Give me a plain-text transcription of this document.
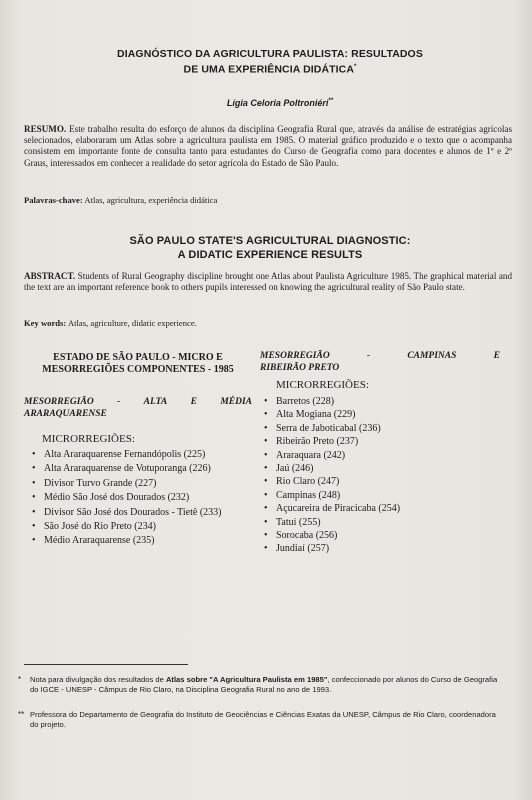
DIAGNÓSTICO DA AGRICULTURA PAULISTA: RESULTADOS
DE UMA EXPERIÊNCIA DIDÁTICA*
Lígia Celoria Poltroniéri**
RESUMO. Este trabalho resulta do esforço de alunos da disciplina Geografia Rural que, através da análise de estratégias agrícolas selecionados, elaboraram um Atlas sobre a agricultura paulista em 1985. O material gráfico produzido e o texto que o acompanha consistem em importante fonte de consulta tanto para estudantes do Curso de Geografia como para docentes e alunos de 1º e 2º Graus, interessados em conhecer a realidade do setor agrícola do Estado de São Paulo.
Palavras-chave: Atlas, agricultura, experiência didática
SÃO PAULO STATE'S AGRICULTURAL DIAGNOSTIC:
A DIDATIC EXPERIENCE RESULTS
ABSTRACT. Students of Rural Geography discipline brought one Atlas about Paulista Agriculture 1985. The graphical material and the text are an important reference book to others pupils interessed on knowing the agricultural reality of São Paulo state.
Key words: Atlas, agriculture, didatic experience.
ESTADO DE SÃO PAULO - MICRO E
MESORREGIÕES COMPONENTES - 1985
MESORREGIÃO - ALTA E MÉDIA
ARARAQUARENSE
MICRORREGIÕES:
• Alta Araraquarense Fernandópolis (225)
• Alta Araraquarense de Votuporanga (226)
• Divisor Turvo Grande (227)
• Médio São José dos Dourados (232)
• Divisor São José dos Dourados - Tietê (233)
• São José do Rio Preto (234)
• Médio Araraquarense (235)
MESORREGIÃO	-	CAMPINAS	E
RIBEIRÃO PRETO
MICRORREGIÕES:
• Barretos (228)
• Alta Mogiana (229)
• Serra de Jaboticabal (236)
• Ribeirão Preto (237)
• Araraquara (242)
• Jaú (246)
• Rio Claro (247)
• Campinas (248)
• Açucareira de Piracicaba (254)
• Tatuí (255)
• Sorocaba (256)
• Jundiaí (257)
* Nota para divulgação dos resultados de Atlas sobre "A Agricultura Paulista em 1985", confeccionado por alunos do Curso de Geografia do IGCE - UNESP - Câmpus de Rio Claro, na Disciplina Geografia Rural no ano de 1993.
** Professora do Departamento de Geografia do Instituto de Geociências e Ciências Exatas da UNESP, Câmpus de Rio Claro, coordenadora do projeto.
